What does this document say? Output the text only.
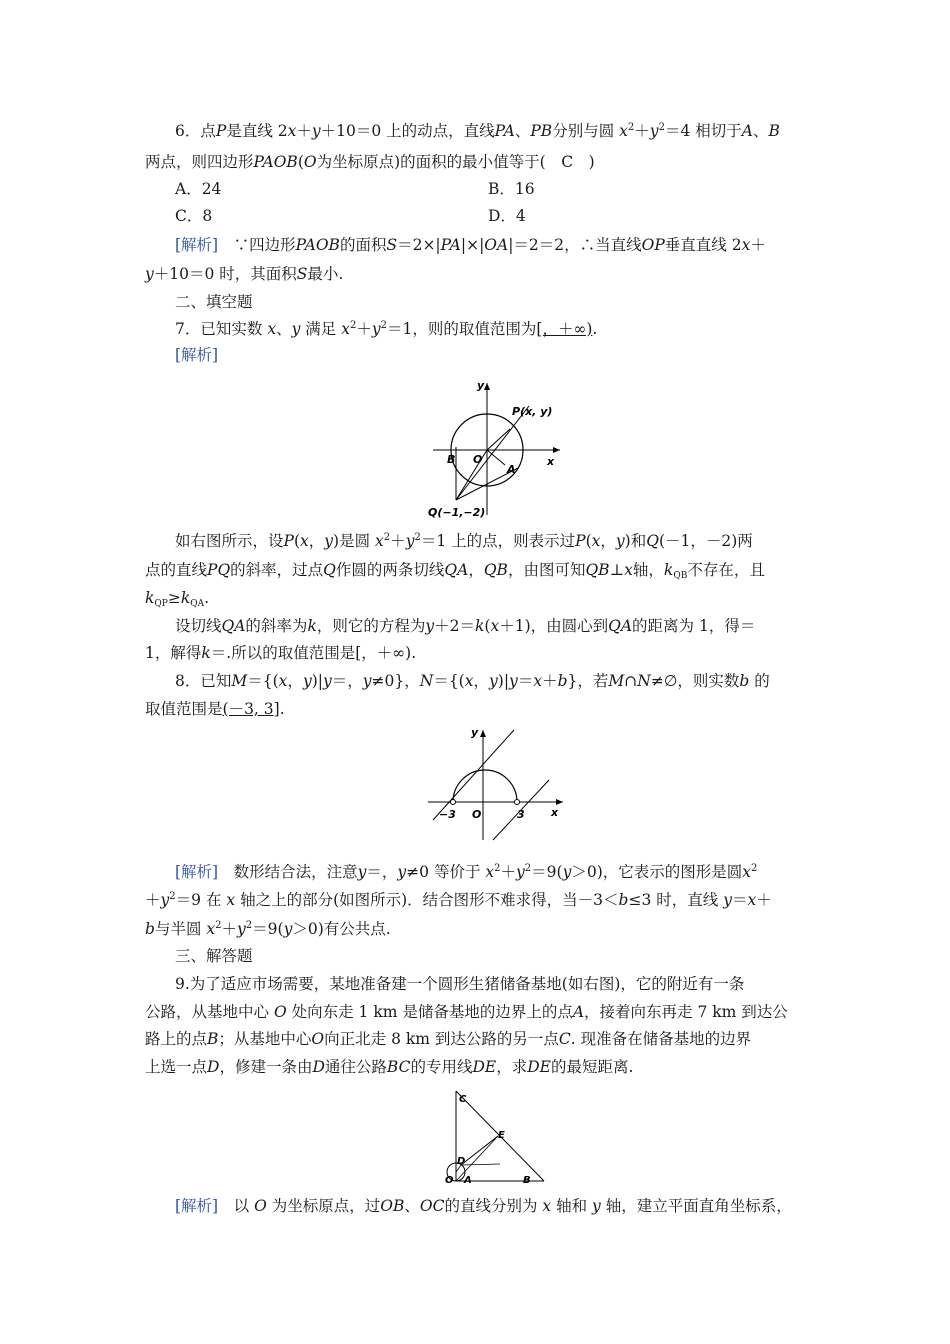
6．点P是直线 2x＋y＋10＝0 上的动点，直线PA、PB分别与圆 $x^2+y^2=4$ 相切于A、B
两点，则四边形PAOB(O为坐标原点)的面积的最小值等于(　C　)
A．24	B．16
C．8	D．4
[解析]　∵四边形PAOB的面积S＝2×|PA|×|OA|＝2＝2，∴当直线OP垂直直线 2x＋
y＋10＝0 时，其面积S最小.
二、填空题
7．已知实数 x、y 满足 $x^2+y^2=1$，则的取值范围为[，＋∞).
[解析]
y
x
P(x, y)
B O
A
Q(−1,−2)
如右图所示，设P(x，y)是圆 $x^2+y^2=1$ 上的点，则表示过P(x，y)和Q(－1，－2)两
点的直线PQ的斜率，过点Q作圆的两条切线QA，QB，由图可知QB⊥x轴，$k_{QB}$不存在，且
$k_{QP}\ge k_{QA}$.
设切线QA的斜率为k，则它的方程为y＋2＝k(x＋1)，由圆心到QA的距离为 1，得＝
1，解得k＝.所以的取值范围是[，＋∞).
8．已知M＝{(x，y)|y＝，y≠0}，N＝{(x，y)|y＝x＋b}，若M∩N≠∅，则实数b 的
取值范围是(－3, 3].
y
x
−3 O	3
[解析]　数形结合法，注意y＝，y≠0 等价于 $x^2+y^2=9(y>0)$，它表示的图形是圆$x^2$
$+y^2=9$ 在 x 轴之上的部分(如图所示)．结合图形不难求得，当－3＜b≤3 时，直线 y＝x＋
b与半圆 $x^2+y^2=9(y>0)$有公共点.
三、解答题
9.为了适应市场需要，某地准备建一个圆形生猪储备基地(如右图)，它的附近有一条
公路，从基地中心 O 处向东走 1 km 是储备基地的边界上的点A，接着向东再走 7 km 到达公
路上的点B；从基地中心O向正北走 8 km 到达公路的另一点C. 现准备在储备基地的边界
上选一点D，修建一条由D通往公路BC的专用线DE，求DE的最短距离.
C
E
D
O A	B
[解析]　以 O 为坐标原点，过OB、OC的直线分别为 x 轴和 y 轴，建立平面直角坐标系，
